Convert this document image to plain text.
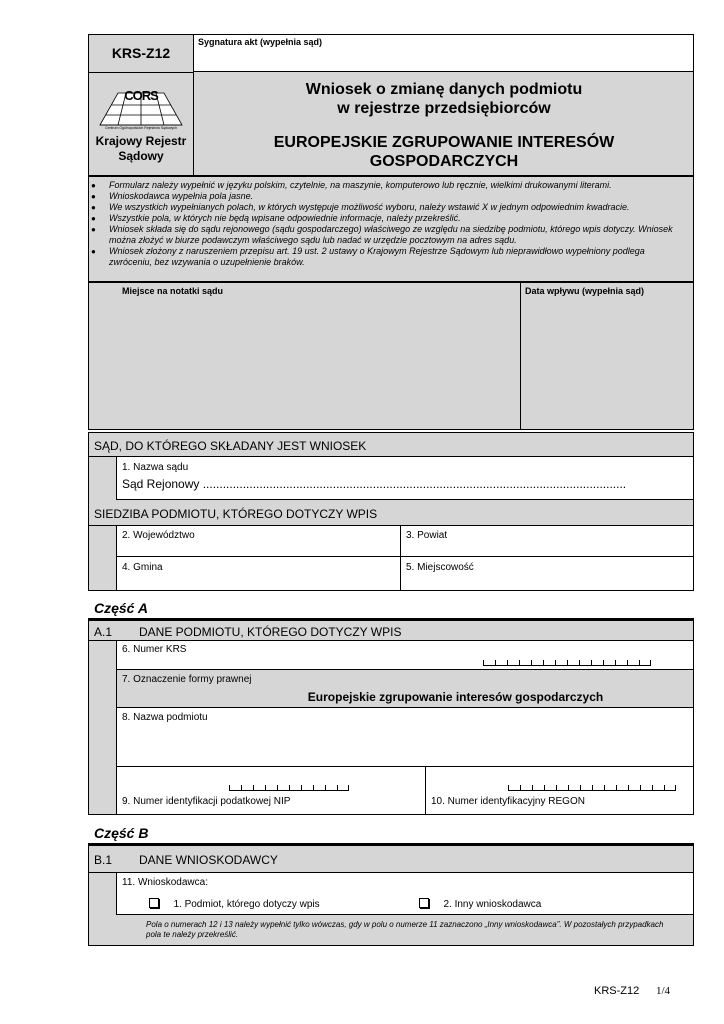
KRS-Z12
Sygnatura akt (wypełnia sąd)
CORS
Centrum Ogólnopolskich Rejestrów Sądowych
Krajowy Rejestr
Sądowy
Wniosek o zmianę danych podmiotu
w rejestrze przedsiębiorców
EUROPEJSKIE ZGRUPOWANIE INTERESÓW
GOSPODARCZYCH
● Formularz należy wypełnić w języku polskim, czytelnie, na maszynie, komputerowo lub ręcznie, wielkimi drukowanymi literami.
● Wnioskodawca wypełnia pola jasne.
● We wszystkich wypełnianych polach, w których występuje możliwość wyboru, należy wstawić X w jednym odpowiednim kwadracie.
● Wszystkie pola, w których nie będą wpisane odpowiednie informacje, należy przekreślić.
● Wniosek składa się do sądu rejonowego (sądu gospodarczego) właściwego ze względu na siedzibę podmiotu, którego wpis dotyczy. Wniosek można złożyć w biurze podawczym właściwego sądu lub nadać w urzędzie pocztowym na adres sądu.
● Wniosek złożony z naruszeniem przepisu art. 19 ust. 2 ustawy o Krajowym Rejestrze Sądowym lub nieprawidłowo wypełniony podlega zwróceniu, bez wzywania o uzupełnienie braków.
Miejsce na notatki sądu	Data wpływu (wypełnia sąd)
SĄD, DO KTÓREGO SKŁADANY JEST WNIOSEK
1. Nazwa sądu
Sąd Rejonowy ...............................................................................................................................
SIEDZIBA PODMIOTU, KTÓREGO DOTYCZY WPIS
2. Województwo	3. Powiat
4. Gmina	5. Miejscowość
Część A
A.1 DANE PODMIOTU, KTÓREGO DOTYCZY WPIS
6. Numer KRS
7. Oznaczenie formy prawnej
Europejskie zgrupowanie interesów gospodarczych
8. Nazwa podmiotu
9. Numer identyfikacji podatkowej NIP	10. Numer identyfikacyjny REGON
Część B
B.1 DANE WNIOSKODAWCY
11. Wnioskodawca:
1. Podmiot, którego dotyczy wpis	2. Inny wnioskodawca
Pola o numerach 12 i 13 należy wypełnić tylko wówczas, gdy w polu o numerze 11 zaznaczono „Inny wnioskodawca”. W pozostałych przypadkach pola te należy przekreślić.
KRS-Z12 1/4
